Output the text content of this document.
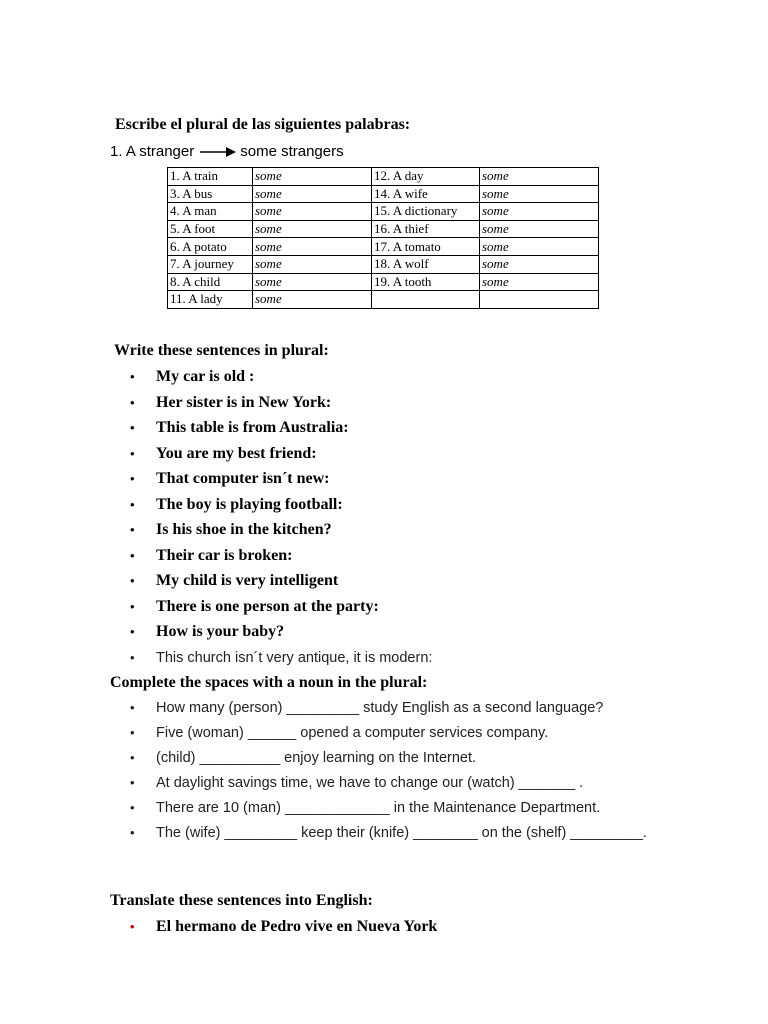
Escribe el plural de las siguientes palabras:
1. A stranger	some strangers
1. A train	some	12. A day	some
3. A bus	some	14. A wife	some
4. A man	some	15. A dictionary	some
5. A foot	some	16. A thief	some
6. A potato	some	17. A tomato	some
7. A journey	some	18. A wolf	some
8. A child	some	19. A tooth	some
11. A lady	some		
Write these sentences in plural:
• My car is old :
• Her sister is in New York:
• This table is from Australia:
• You are my best friend:
• That computer isn´t new:
• The boy is playing football:
• Is his shoe in the kitchen?
• Their car is broken:
• My child is very intelligent
• There is one person at the party:
• How is your baby?
• This church isn´t very antique, it is modern:
Complete the spaces with a noun in the plural:
• How many (person) _________ study English as a second language?
• Five (woman) ______ opened a computer services company.
• (child) __________ enjoy learning on the Internet.
• At daylight savings time, we have to change our (watch) _______ .
• There are 10 (man) _____________ in the Maintenance Department.
• The (wife) _________ keep their (knife) ________ on the (shelf) _________.
Translate these sentences into English:
• El hermano de Pedro vive en Nueva York
